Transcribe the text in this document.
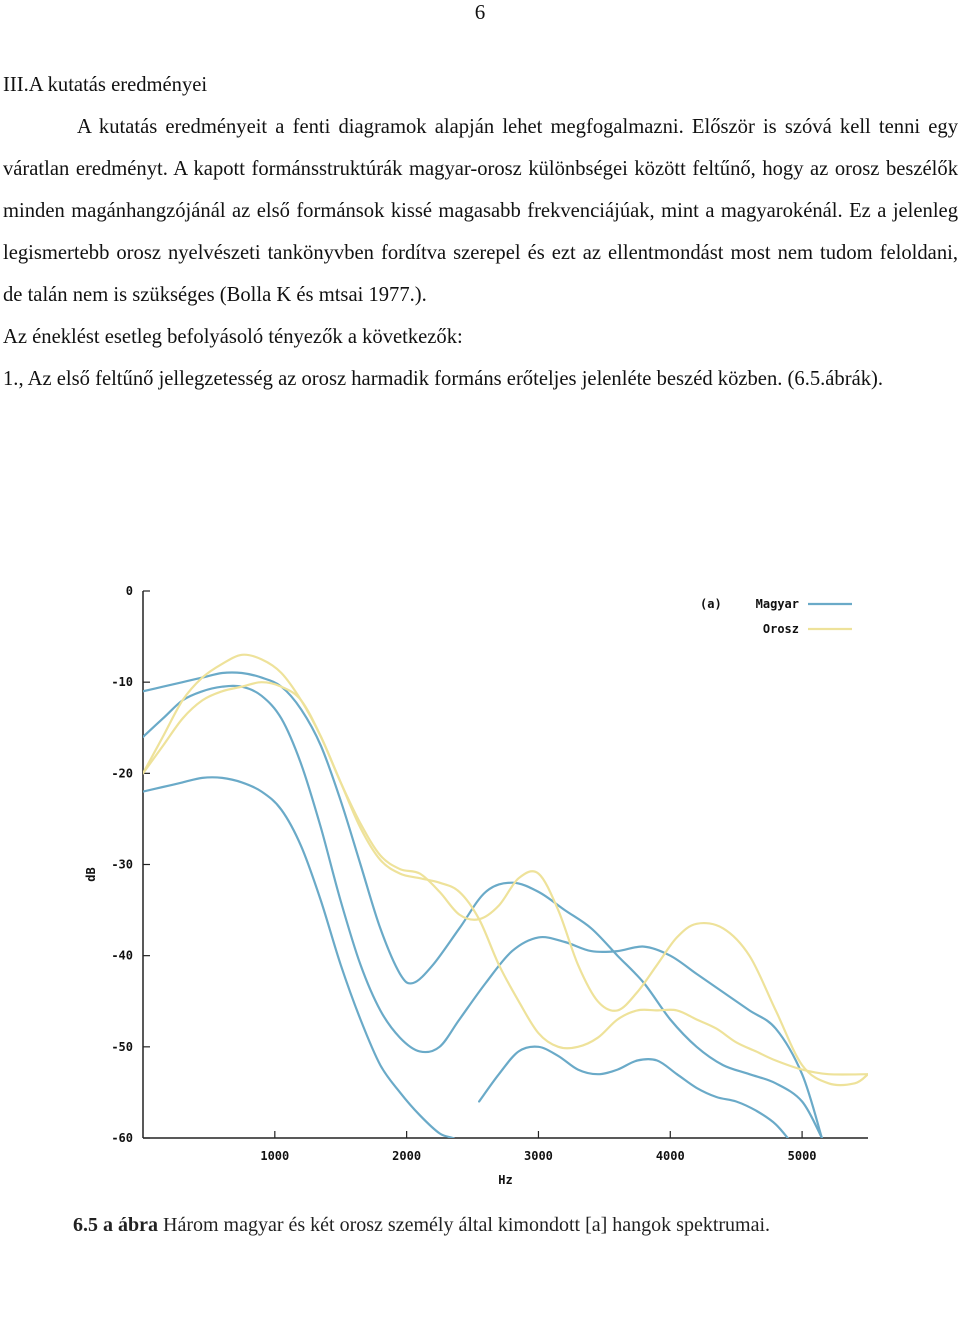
6

III.A kutatás eredményei

A kutatás eredményeit a fenti diagramok alapján lehet megfogalmazni. Először is szóvá kell tenni egy váratlan eredményt. A kapott formánsstruktúrák magyar-orosz különbségei között feltűnő, hogy az orosz beszélők minden magánhangzójánál az első formánsok kissé magasabb frekvenciájúak, mint a magyarokénál. Ez a jelenleg legismertebb orosz nyelvészeti tankönyvben fordítva szerepel és ezt az ellentmondást most nem tudom feloldani, de talán nem is szükséges (Bolla K és mtsai 1977.).

Az éneklést esetleg befolyásoló tényezők a következők:

1., Az első feltűnő jellegzetesség az orosz harmadik formáns erőteljes jelenléte beszéd közben. (6.5.ábrák).

0
-10
-20
-30
-40
-50
-60
1000	2000	3000	4000	5000
Hz
dB
(a)	Magyar
Orosz
6.5 a ábra Három magyar és két orosz személy által kimondott [a] hangok spektrumai.
